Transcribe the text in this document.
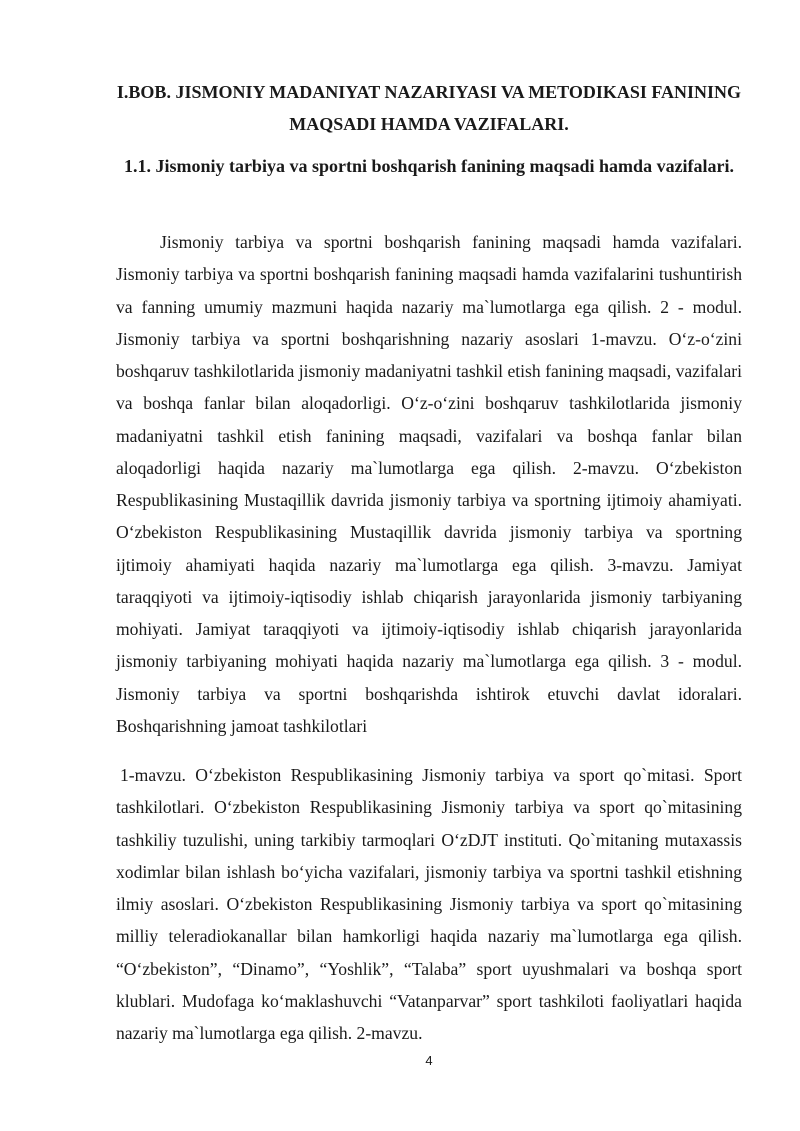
I.BOB. JISMONIY MADANIYAT NAZARIYASI VA METODIKASI FANINING MAQSADI HAMDA VAZIFALARI.
1.1. Jismoniy tarbiya va sportni boshqarish fanining maqsadi hamda vazifalari.

Jismoniy tarbiya va sportni boshqarish fanining maqsadi hamda vazifalari. Jismoniy tarbiya va sportni boshqarish fanining maqsadi hamda vazifalarini tushuntirish va fanning umumiy mazmuni haqida nazariy ma`lumotlarga ega qilish. 2 - modul. Jismoniy tarbiya va sportni boshqarishning nazariy asoslari 1-mavzu. O‘z-o‘zini boshqaruv tashkilotlarida jismoniy madaniyatni tashkil etish fanining maqsadi, vazifalari va boshqa fanlar bilan aloqadorligi. O‘z-o‘zini boshqaruv tashkilotlarida jismoniy madaniyatni tashkil etish fanining maqsadi, vazifalari va boshqa fanlar bilan aloqadorligi haqida nazariy ma`lumotlarga ega qilish. 2-mavzu. O‘zbekiston Respublikasining Mustaqillik davrida jismoniy tarbiya va sportning ijtimoiy ahamiyati. O‘zbekiston Respublikasining Mustaqillik davrida jismoniy tarbiya va sportning ijtimoiy ahamiyati haqida nazariy ma`lumotlarga ega qilish. 3-mavzu. Jamiyat taraqqiyoti va ijtimoiy-iqtisodiy ishlab chiqarish jarayonlarida jismoniy tarbiyaning mohiyati. Jamiyat taraqqiyoti va ijtimoiy-iqtisodiy ishlab chiqarish jarayonlarida jismoniy tarbiyaning mohiyati haqida nazariy ma`lumotlarga ega qilish. 3 - modul. Jismoniy tarbiya va sportni boshqarishda ishtirok etuvchi davlat idoralari. Boshqarishning jamoat tashkilotlari

1-mavzu. O‘zbekiston Respublikasining Jismoniy tarbiya va sport qo`mitasi. Sport tashkilotlari. O‘zbekiston Respublikasining Jismoniy tarbiya va sport qo`mitasining tashkiliy tuzulishi, uning tarkibiy tarmoqlari O‘zDJT instituti. Qo`mitaning mutaxassis xodimlar bilan ishlash bo‘yicha vazifalari, jismoniy tarbiya va sportni tashkil etishning ilmiy asoslari. O‘zbekiston Respublikasining Jismoniy tarbiya va sport qo`mitasining milliy teleradiokanallar bilan hamkorligi haqida nazariy ma`lumotlarga ega qilish. “O‘zbekiston”, “Dinamo”, “Yoshlik”, “Talaba” sport uyushmalari va boshqa sport klublari. Mudofaga ko‘maklashuvchi “Vatanparvar” sport tashkiloti faoliyatlari haqida nazariy ma`lumotlarga ega qilish. 2-mavzu.

4
